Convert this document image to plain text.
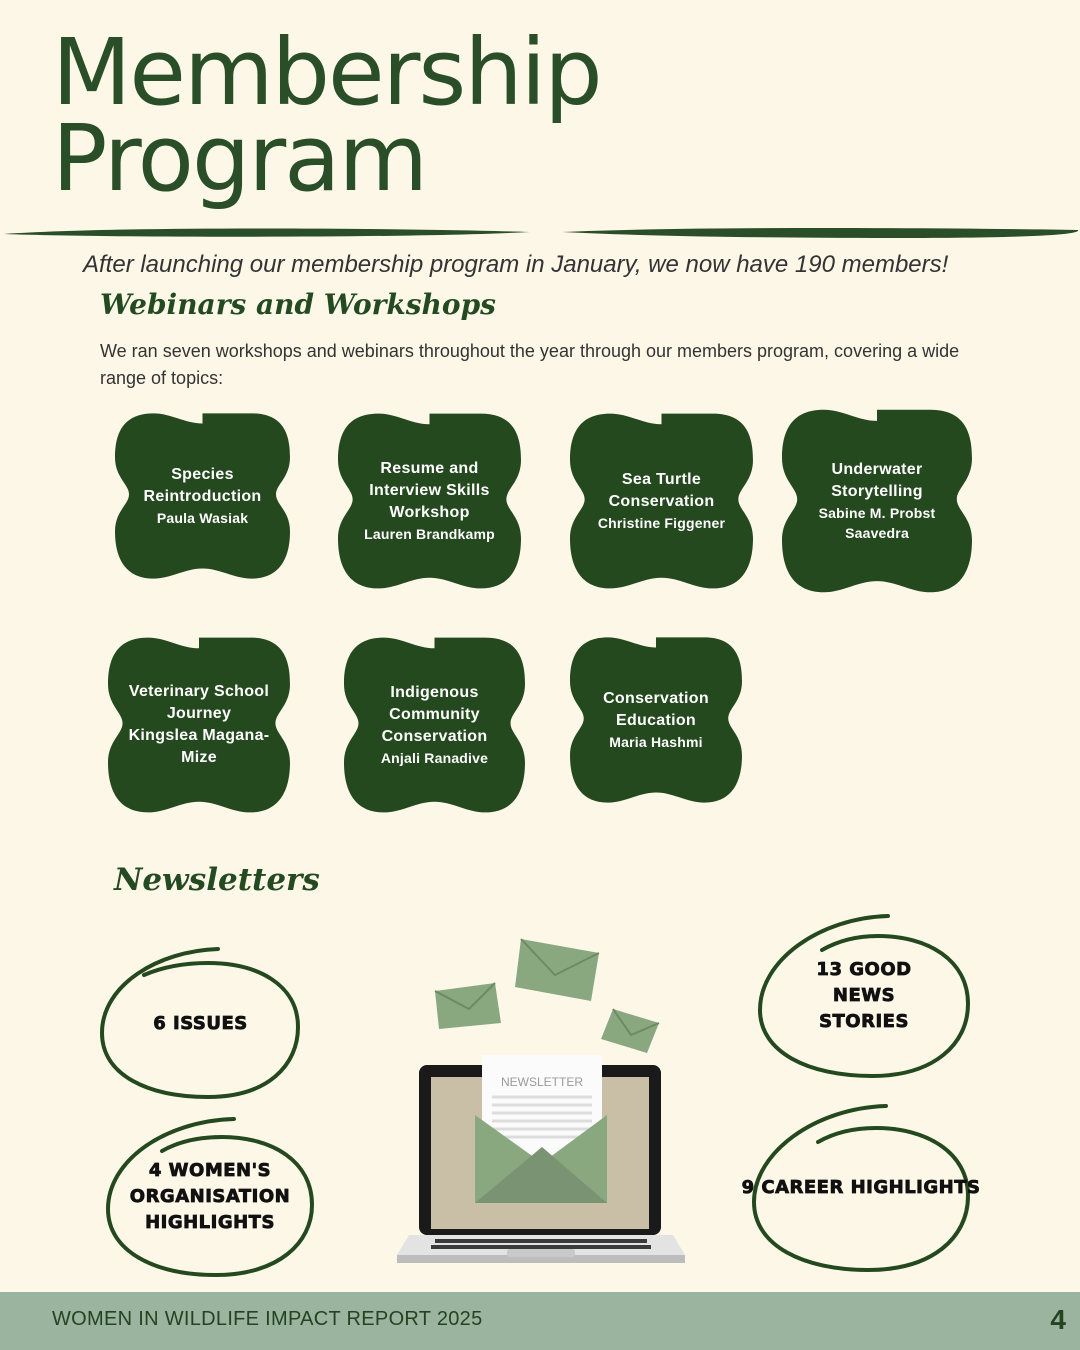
Membership
Program
After launching our membership program in January, we now have 190 members!
Webinars and Workshops
We ran seven workshops and webinars throughout the year through our members program, covering a wide range of topics:
Species Reintroduction
Paula Wasiak
Resume and Interview Skills Workshop
Lauren Brandkamp
Sea Turtle Conservation
Christine Figgener
Underwater Storytelling
Sabine M. Probst Saavedra
Veterinary School Journey
Kingslea Magana-Mize
Indigenous Community Conservation
Anjali Ranadive
Conservation Education
Maria Hashmi
Newsletters
6 ISSUES
4 WOMEN'S ORGANISATION HIGHLIGHTS
13 GOOD NEWS STORIES
9 CAREER HIGHLIGHTS
NEWSLETTER
WOMEN IN WILDLIFE IMPACT REPORT 2025	4
